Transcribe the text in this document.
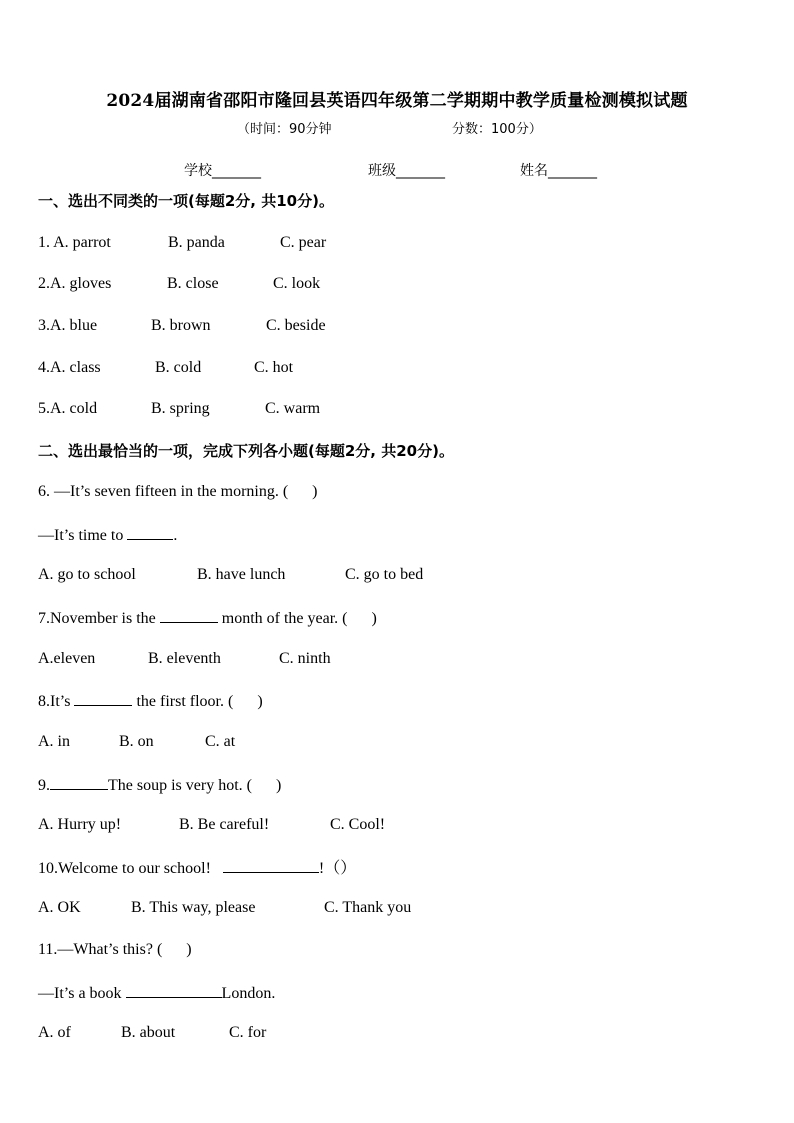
2024届湖南省邵阳市隆回县英语四年级第二学期期中教学质量检测模拟试题
（时间：90分钟	分数：100分）
学校_______	班级_______	姓名_______
一、选出不同类的一项(每题2分, 共10分)。
1. A. parrot	B. panda	C. pear
2.A. gloves	B. close	C. look
3.A. blue	B. brown	C. beside
4.A. class	B. cold	C. hot
5.A. cold	B. spring	C. warm
二、选出最恰当的一项，完成下列各小题(每题2分, 共20分)。
6. —It’s seven fifteen in the morning. (      )
—It’s time to	.
A. go to school	B. have lunch	C. go to bed
7.November is the	month of the year. (      )
A.eleven	B. eleventh	C. ninth
8.It’s	the first floor. (      )
A. in	B. on	C. at
9.	The soup is very hot. (      )
A. Hurry up!	B. Be careful!	C. Cool!
10.Welcome to our school!	!（）
A. OK	B. This way, please	C. Thank you
11.—What’s this? (      )
—It’s a book	London.
A. of	B. about	C. for
